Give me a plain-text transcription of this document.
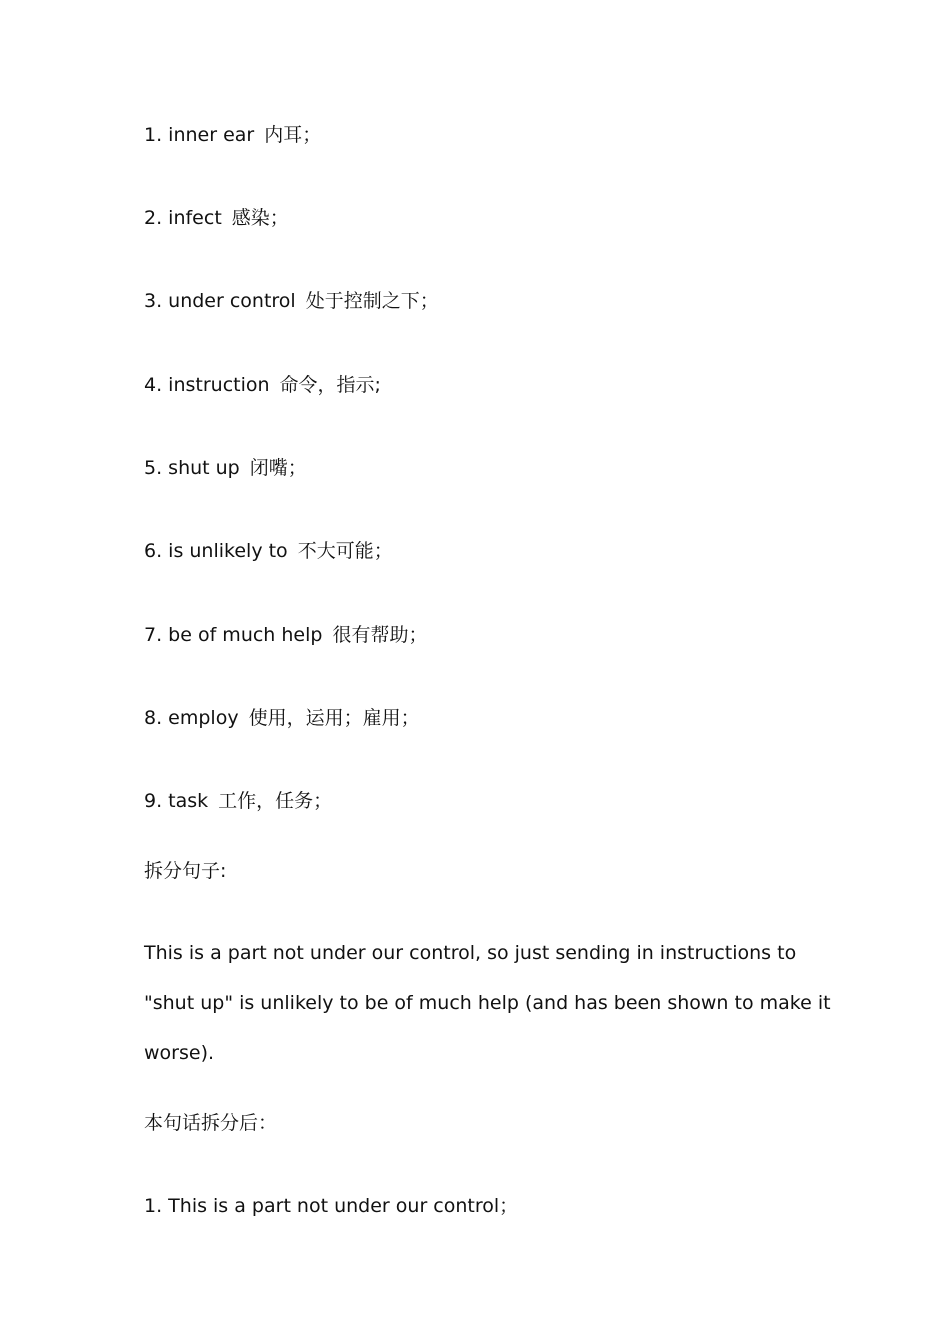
1. inner ear 内耳；
2. infect 感染；
3. under control 处于控制之下；
4. instruction 命令，指示;
5. shut up 闭嘴；
6. is unlikely to 不大可能；
7. be of much help 很有帮助；
8. employ 使用，运用；雇用；
9. task 工作，任务；
拆分句子:
This is a part not under our control, so just sending in instructions to
"shut up" is unlikely to be of much help (and has been shown to make it
worse).
本句话拆分后：
1. This is a part not under our control；
